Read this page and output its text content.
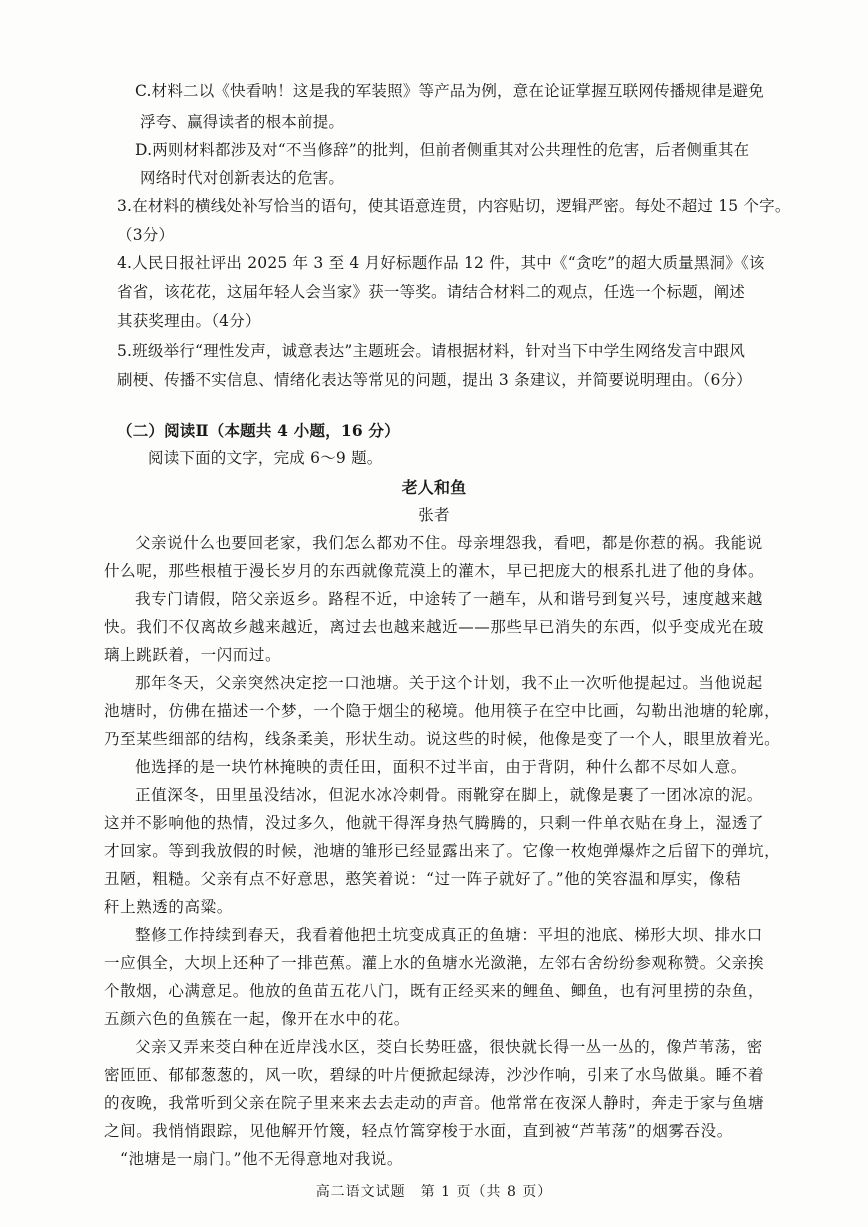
C.材料二以《快看呐！这是我的军装照》等产品为例，意在论证掌握互联网传播规律是避免
浮夸、赢得读者的根本前提。
D.两则材料都涉及对“不当修辞”的批判，但前者侧重其对公共理性的危害，后者侧重其在
网络时代对创新表达的危害。
3.在材料的横线处补写恰当的语句，使其语意连贯，内容贴切，逻辑严密。每处不超过 15 个字。
（3分）
4.人民日报社评出 2025 年 3 至 4 月好标题作品 12 件，其中《“贪吃”的超大质量黑洞》《该
省省，该花花，这届年轻人会当家》获一等奖。请结合材料二的观点，任选一个标题，阐述
其获奖理由。（4分）
5.班级举行“理性发声，诚意表达”主题班会。请根据材料，针对当下中学生网络发言中跟风
刷梗、传播不实信息、情绪化表达等常见的问题，提出 3 条建议，并简要说明理由。（6分）
（二）阅读Ⅱ（本题共 4 小题，16 分）
阅读下面的文字，完成 6～9 题。
老人和鱼
张者
父亲说什么也要回老家，我们怎么都劝不住。母亲埋怨我，看吧，都是你惹的祸。我能说
什么呢，那些根植于漫长岁月的东西就像荒漠上的灌木，早已把庞大的根系扎进了他的身体。
我专门请假，陪父亲返乡。路程不近，中途转了一趟车，从和谐号到复兴号，速度越来越
快。我们不仅离故乡越来越近，离过去也越来越近——那些早已消失的东西，似乎变成光在玻
璃上跳跃着，一闪而过。
那年冬天，父亲突然决定挖一口池塘。关于这个计划，我不止一次听他提起过。当他说起
池塘时，仿佛在描述一个梦，一个隐于烟尘的秘境。他用筷子在空中比画，勾勒出池塘的轮廓，
乃至某些细部的结构，线条柔美，形状生动。说这些的时候，他像是变了一个人，眼里放着光。
他选择的是一块竹林掩映的责任田，面积不过半亩，由于背阴，种什么都不尽如人意。
正值深冬，田里虽没结冰，但泥水冰冷刺骨。雨靴穿在脚上，就像是裹了一团冰凉的泥。
这并不影响他的热情，没过多久，他就干得浑身热气腾腾的，只剩一件单衣贴在身上，湿透了
才回家。等到我放假的时候，池塘的雏形已经显露出来了。它像一枚炮弹爆炸之后留下的弹坑，
丑陋，粗糙。父亲有点不好意思，憨笑着说：“过一阵子就好了。”他的笑容温和厚实，像秸
秆上熟透的高粱。
整修工作持续到春天，我看着他把土坑变成真正的鱼塘：平坦的池底、梯形大坝、排水口
一应俱全，大坝上还种了一排芭蕉。灌上水的鱼塘水光潋滟，左邻右舍纷纷参观称赞。父亲挨
个散烟，心满意足。他放的鱼苗五花八门，既有正经买来的鲤鱼、鲫鱼，也有河里捞的杂鱼，
五颜六色的鱼簇在一起，像开在水中的花。
父亲又弄来茭白种在近岸浅水区，茭白长势旺盛，很快就长得一丛一丛的，像芦苇荡，密
密匝匝、郁郁葱葱的，风一吹，碧绿的叶片便掀起绿涛，沙沙作响，引来了水鸟做巢。睡不着
的夜晚，我常听到父亲在院子里来来去去走动的声音。他常常在夜深人静时，奔走于家与鱼塘
之间。我悄悄跟踪，见他解开竹篾，轻点竹篙穿梭于水面，直到被“芦苇荡”的烟雾吞没。
“池塘是一扇门。”他不无得意地对我说。
高二语文试题　第 1 页（共 8 页）
